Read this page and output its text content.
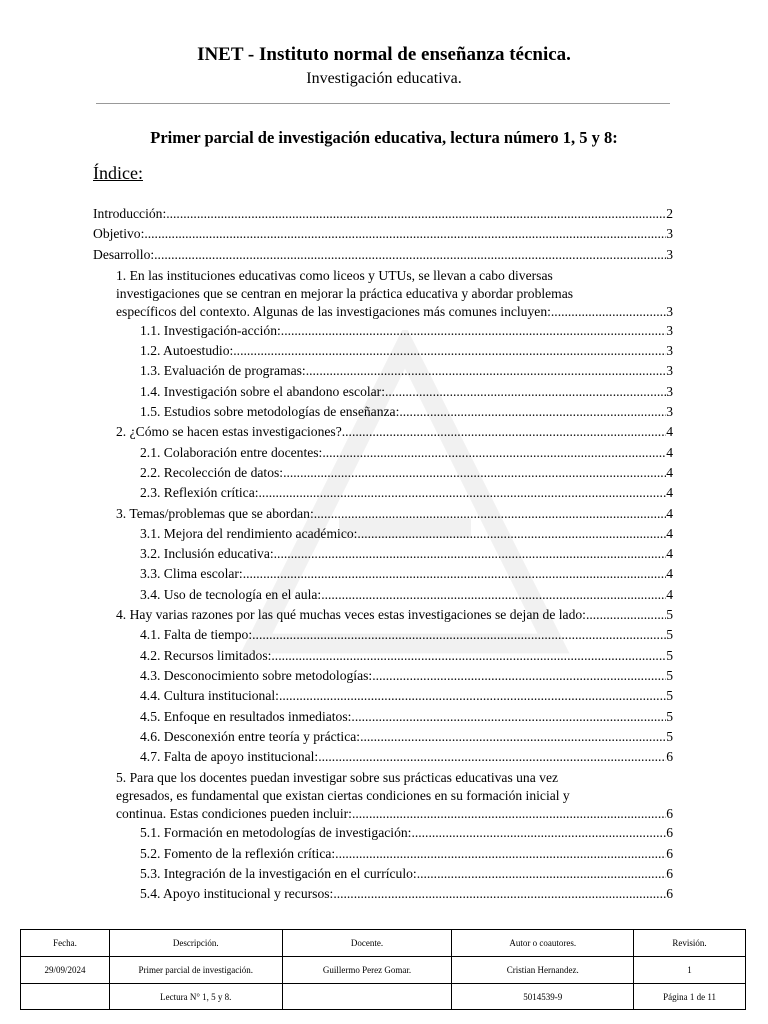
INET - Instituto normal de enseñanza técnica.
Investigación educativa.
Primer parcial de investigación educativa, lectura número 1, 5 y 8:
Índice:
Introducción: .....	2
Objetivo: .....	3
Desarrollo: .....	3
1. En las instituciones educativas como liceos y UTUs, se llevan a cabo diversas
investigaciones que se centran en mejorar la práctica educativa y abordar problemas
específicos del contexto. Algunas de las investigaciones más comunes incluyen: .....	3
1.1. Investigación-acción: .....	3
1.2. Autoestudio: .....	3
1.3. Evaluación de programas: .....	3
1.4. Investigación sobre el abandono escolar: .....	3
1.5. Estudios sobre metodologías de enseñanza: .....	3
2. ¿Cómo se hacen estas investigaciones? .....	4
2.1. Colaboración entre docentes: .....	4
2.2. Recolección de datos: .....	4
2.3. Reflexión crítica: .....	4
3. Temas/problemas que se abordan: .....	4
3.1. Mejora del rendimiento académico: .....	4
3.2. Inclusión educativa: .....	4
3.3. Clima escolar: .....	4
3.4. Uso de tecnología en el aula: .....	4
4. Hay varias razones por las qué muchas veces estas investigaciones se dejan de lado: .....	5
4.1. Falta de tiempo: .....	5
4.2. Recursos limitados: .....	5
4.3. Desconocimiento sobre metodologías: .....	5
4.4. Cultura institucional: .....	5
4.5. Enfoque en resultados inmediatos: .....	5
4.6. Desconexión entre teoría y práctica: .....	5
4.7. Falta de apoyo institucional: .....	6
5. Para que los docentes puedan investigar sobre sus prácticas educativas una vez
egresados, es fundamental que existan ciertas condiciones en su formación inicial y
continua. Estas condiciones pueden incluir: .....	6
5.1. Formación en metodologías de investigación: .....	6
5.2. Fomento de la reflexión crítica: .....	6
5.3. Integración de la investigación en el currículo: .....	6
5.4. Apoyo institucional y recursos: .....	6
Fecha.	Descripción.	Docente.	Autor o coautores.	Revisión.
29/09/2024	Primer parcial de investigación.	Guillermo Perez Gomar.	Cristian Hernandez.	1
	Lectura N° 1, 5 y 8.		5014539-9	Página 1 de 11
